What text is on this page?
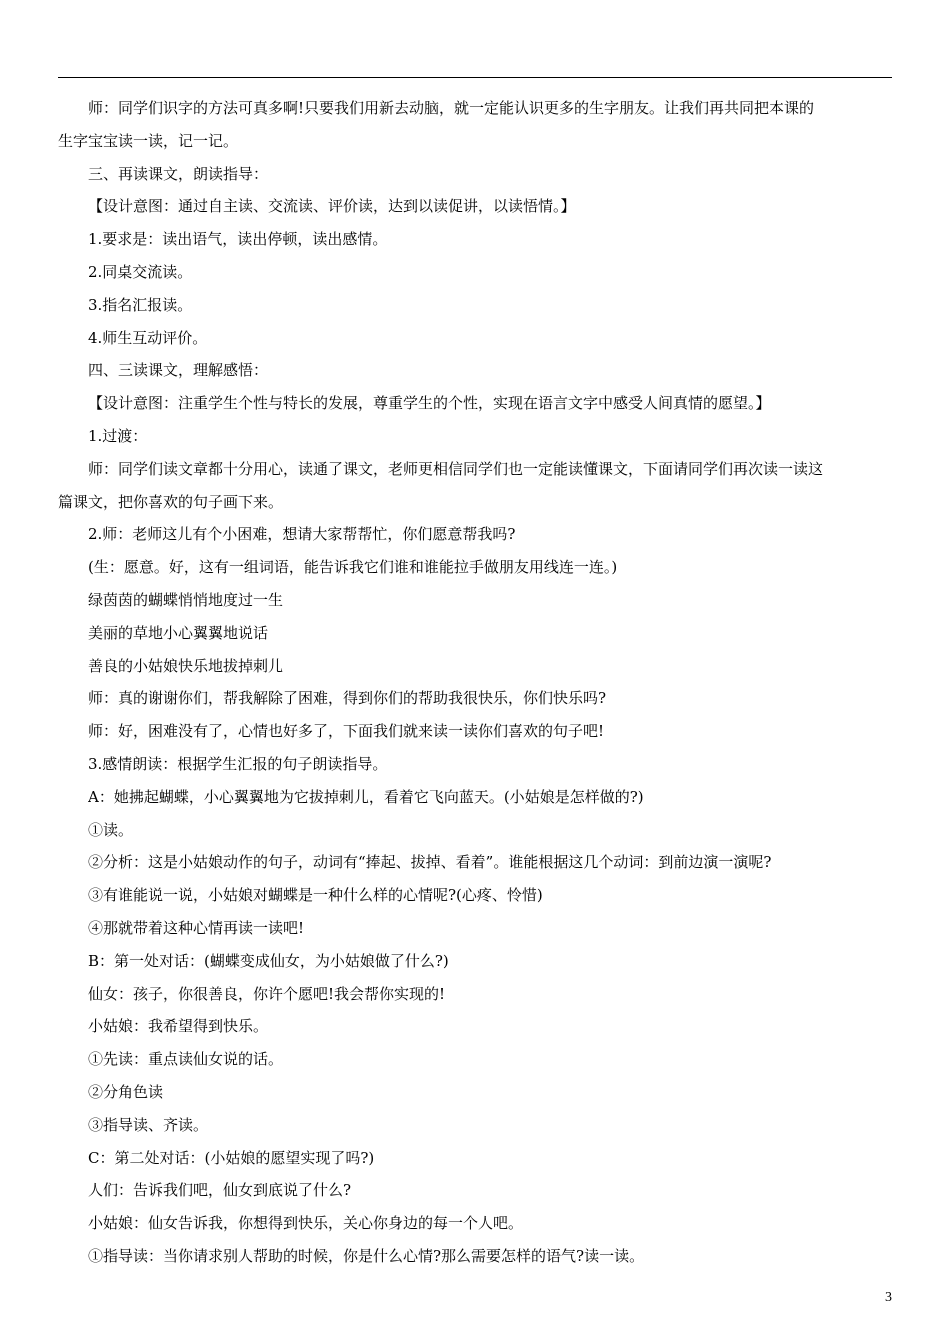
师：同学们识字的方法可真多啊!只要我们用新去动脑，就一定能认识更多的生字朋友。让我们再共同把本课的
生字宝宝读一读，记一记。
三、再读课文，朗读指导：
【设计意图：通过自主读、交流读、评价读，达到以读促讲，以读悟情。】
1.要求是：读出语气，读出停顿，读出感情。
2.同桌交流读。
3.指名汇报读。
4.师生互动评价。
四、三读课文，理解感悟：
【设计意图：注重学生个性与特长的发展，尊重学生的个性，实现在语言文字中感受人间真情的愿望。】
1.过渡：
师：同学们读文章都十分用心，读通了课文，老师更相信同学们也一定能读懂课文，下面请同学们再次读一读这
篇课文，把你喜欢的句子画下来。
2.师：老师这儿有个小困难，想请大家帮帮忙，你们愿意帮我吗?
(生：愿意。好，这有一组词语，能告诉我它们谁和谁能拉手做朋友用线连一连。)
绿茵茵的蝴蝶悄悄地度过一生
美丽的草地小心翼翼地说话
善良的小姑娘快乐地拔掉刺儿
师：真的谢谢你们，帮我解除了困难，得到你们的帮助我很快乐，你们快乐吗?
师：好，困难没有了，心情也好多了，下面我们就来读一读你们喜欢的句子吧!
3.感情朗读：根据学生汇报的句子朗读指导。
A：她拂起蝴蝶，小心翼翼地为它拔掉刺儿，看着它飞向蓝天。(小姑娘是怎样做的?)
①读。
②分析：这是小姑娘动作的句子，动词有“捧起、拔掉、看着”。谁能根据这几个动词：到前边演一演呢?
③有谁能说一说，小姑娘对蝴蝶是一种什么样的心情呢?(心疼、怜惜)
④那就带着这种心情再读一读吧!
B：第一处对话：(蝴蝶变成仙女，为小姑娘做了什么?)
仙女：孩子，你很善良，你许个愿吧!我会帮你实现的!
小姑娘：我希望得到快乐。
①先读：重点读仙女说的话。
②分角色读
③指导读、齐读。
C：第二处对话：(小姑娘的愿望实现了吗?)
人们：告诉我们吧，仙女到底说了什么?
小姑娘：仙女告诉我，你想得到快乐，关心你身边的每一个人吧。
①指导读：当你请求别人帮助的时候，你是什么心情?那么需要怎样的语气?读一读。
3
